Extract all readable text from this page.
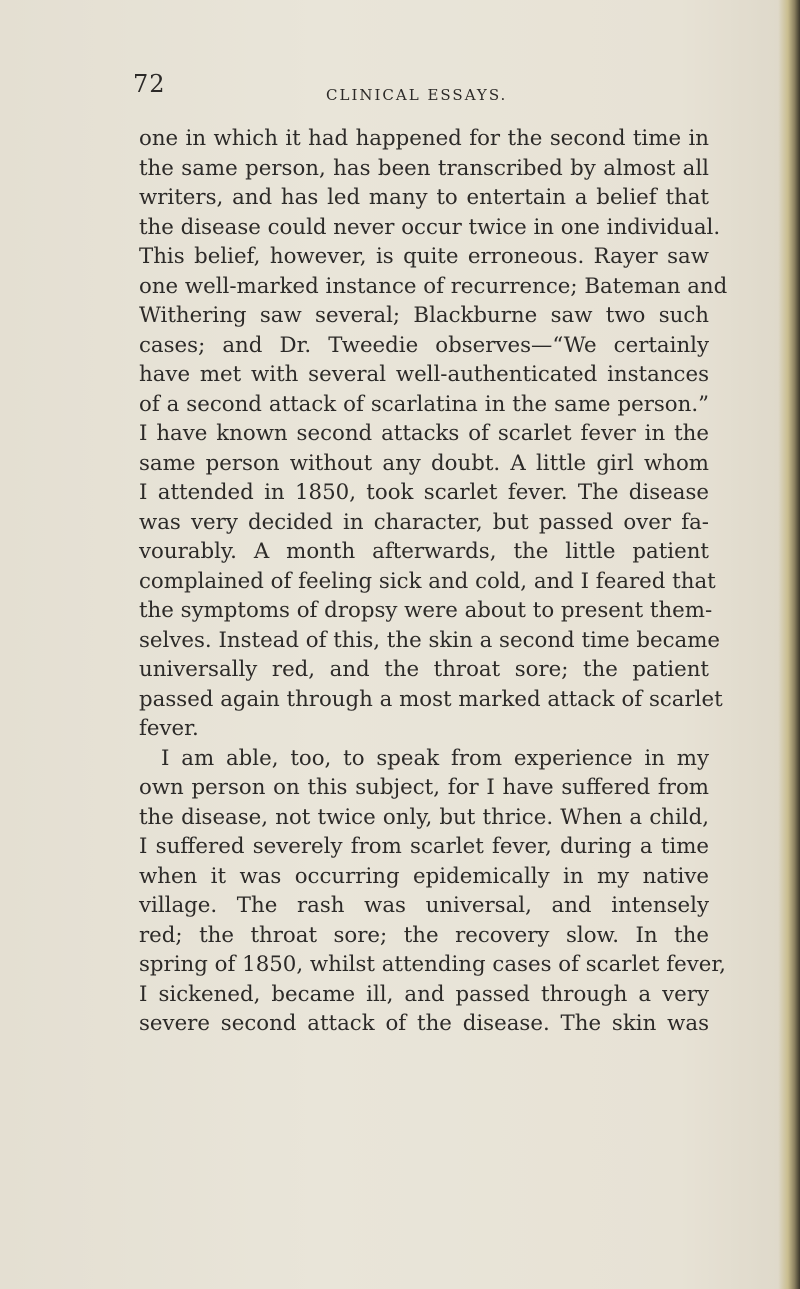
72	CLINICAL ESSAYS.
one in which it had happened for the second time in
the same person, has been transcribed by almost all
writers, and has led many to entertain a belief that
the disease could never occur twice in one individual.
This belief, however, is quite erroneous. Rayer saw
one well-marked instance of recurrence; Bateman and
Withering saw several; Blackburne saw two such
cases; and Dr. Tweedie observes—“We certainly
have met with several well-authenticated instances
of a second attack of scarlatina in the same person.”
I have known second attacks of scarlet fever in the
same person without any doubt. A little girl whom
I attended in 1850, took scarlet fever. The disease
was very decided in character, but passed over fa-
vourably. A month afterwards, the little patient
complained of feeling sick and cold, and I feared that
the symptoms of dropsy were about to present them-
selves. Instead of this, the skin a second time became
universally red, and the throat sore; the patient
passed again through a most marked attack of scarlet
fever.
I am able, too, to speak from experience in my
own person on this subject, for I have suffered from
the disease, not twice only, but thrice. When a child,
I suffered severely from scarlet fever, during a time
when it was occurring epidemically in my native
village. The rash was universal, and intensely
red; the throat sore; the recovery slow. In the
spring of 1850, whilst attending cases of scarlet fever,
I sickened, became ill, and passed through a very
severe second attack of the disease. The skin was
